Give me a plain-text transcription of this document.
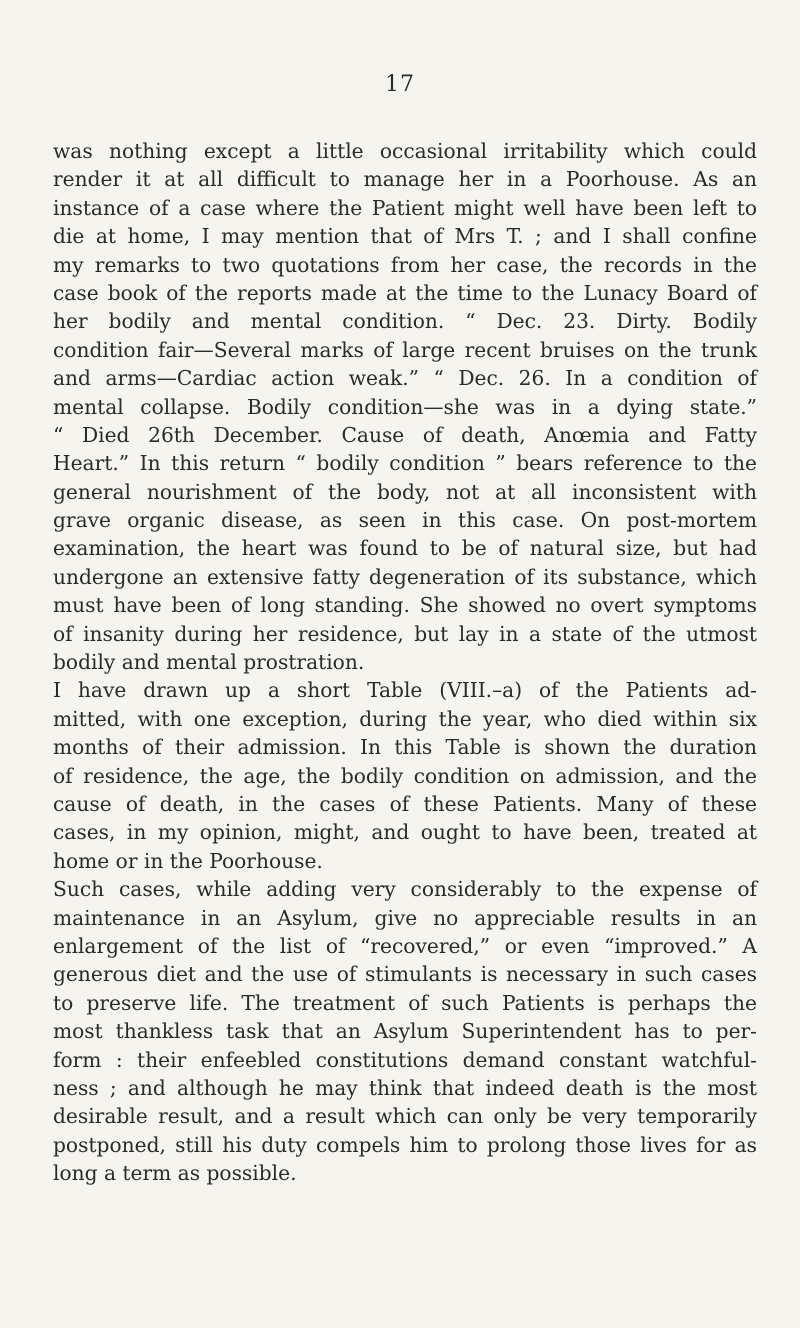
17
was nothing except a little occasional irritability which could
render it at all difficult to manage her in a Poorhouse. As an
instance of a case where the Patient might well have been left to
die at home, I may mention that of Mrs T. ; and I shall confine
my remarks to two quotations from her case, the records in the
case book of the reports made at the time to the Lunacy Board of
her bodily and mental condition. “ Dec. 23. Dirty. Bodily
condition fair—Several marks of large recent bruises on the trunk
and arms—Cardiac action weak.” “ Dec. 26. In a condition of
mental collapse. Bodily condition—she was in a dying state.”
“ Died 26th December. Cause of death, Anœmia and Fatty
Heart.” In this return “ bodily condition ” bears reference to the
general nourishment of the body, not at all inconsistent with
grave organic disease, as seen in this case. On post-mortem
examination, the heart was found to be of natural size, but had
undergone an extensive fatty degeneration of its substance, which
must have been of long standing. She showed no overt symptoms
of insanity during her residence, but lay in a state of the utmost
bodily and mental prostration.
I have drawn up a short Table (VIII.–a) of the Patients ad-
mitted, with one exception, during the year, who died within six
months of their admission. In this Table is shown the duration
of residence, the age, the bodily condition on admission, and the
cause of death, in the cases of these Patients. Many of these
cases, in my opinion, might, and ought to have been, treated at
home or in the Poorhouse.
Such cases, while adding very considerably to the expense of
maintenance in an Asylum, give no appreciable results in an
enlargement of the list of “recovered,” or even “improved.” A
generous diet and the use of stimulants is necessary in such cases
to preserve life. The treatment of such Patients is perhaps the
most thankless task that an Asylum Superintendent has to per-
form : their enfeebled constitutions demand constant watchful-
ness ; and although he may think that indeed death is the most
desirable result, and a result which can only be very temporarily
postponed, still his duty compels him to prolong those lives for as
long a term as possible.
